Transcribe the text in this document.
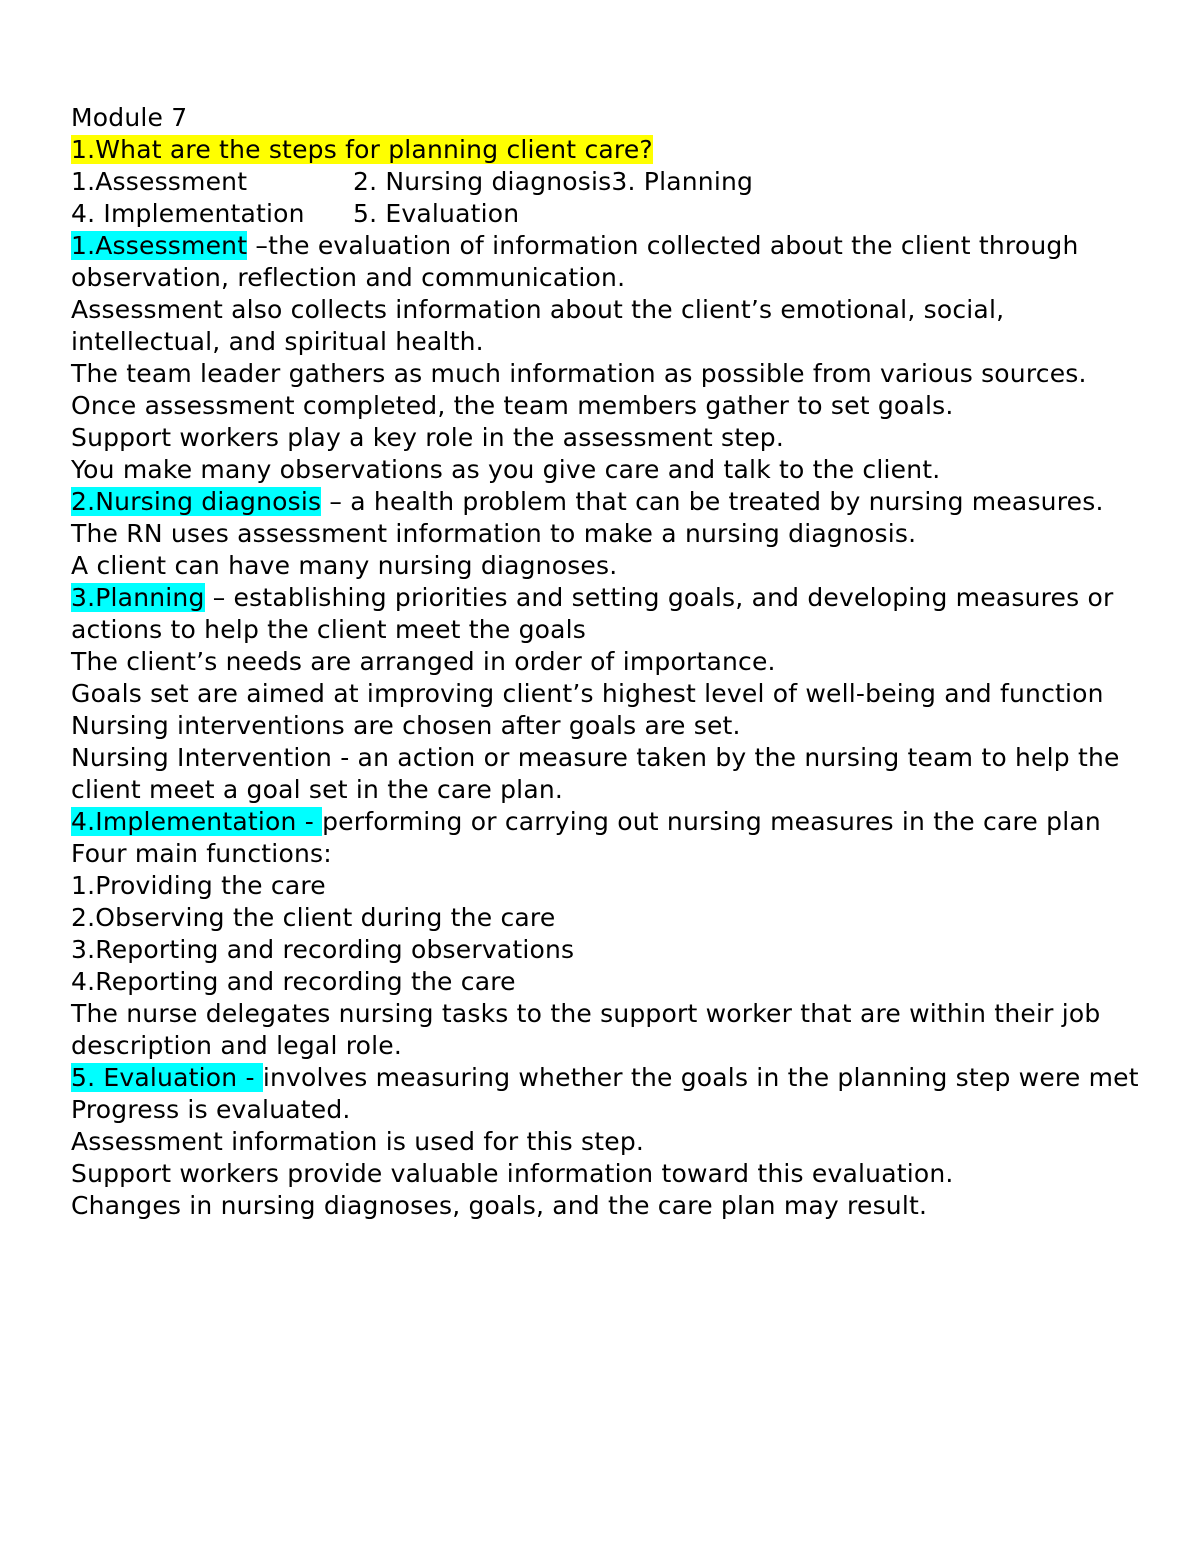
Module 7
1.What are the steps for planning client care?
1.Assessment	2. Nursing diagnosis3. Planning
4. Implementation 5. Evaluation
1.Assessment –the evaluation of information collected about the client through observation, reflection and communication.
Assessment also collects information about the client’s emotional, social, intellectual, and spiritual health.
The team leader gathers as much information as possible from various sources.
Once assessment completed, the team members gather to set goals.
Support workers play a key role in the assessment step.
You make many observations as you give care and talk to the client.
2.Nursing diagnosis – a health problem that can be treated by nursing measures.
The RN uses assessment information to make a nursing diagnosis.
A client can have many nursing diagnoses.
3.Planning – establishing priorities and setting goals, and developing measures or actions to help the client meet the goals
The client’s needs are arranged in order of importance.
Goals set are aimed at improving client’s highest level of well-being and function
Nursing interventions are chosen after goals are set.
Nursing Intervention - an action or measure taken by the nursing team to help the client meet a goal set in the care plan.
4.Implementation - performing or carrying out nursing measures in the care plan
Four main functions:
1.Providing the care
2.Observing the client during the care
3.Reporting and recording observations
4.Reporting and recording the care
The nurse delegates nursing tasks to the support worker that are within their job description and legal role.
5. Evaluation - involves measuring whether the goals in the planning step were met
Progress is evaluated.
Assessment information is used for this step.
Support workers provide valuable information toward this evaluation.
Changes in nursing diagnoses, goals, and the care plan may result.
